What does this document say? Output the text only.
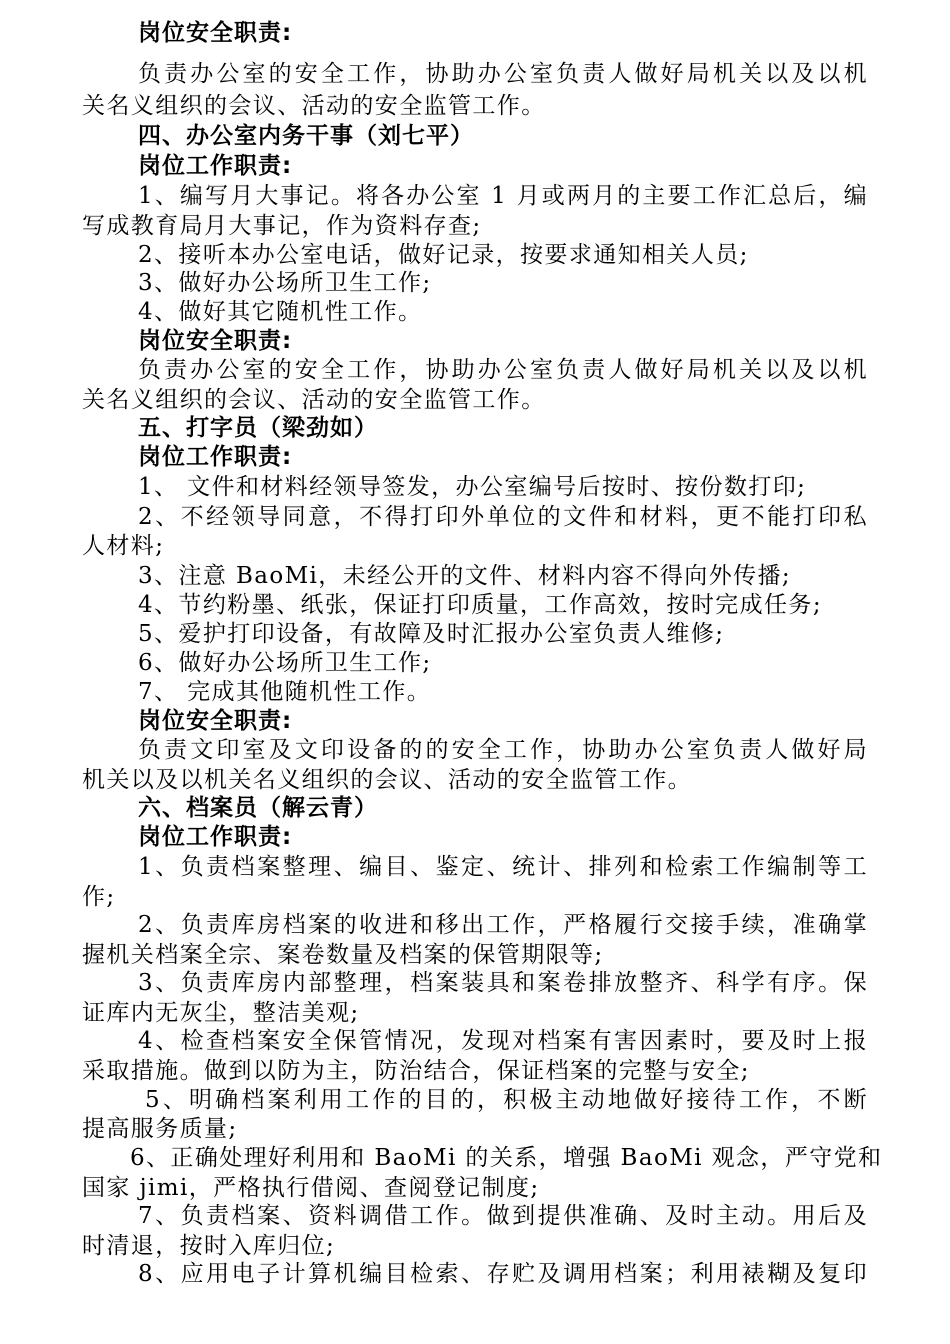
岗位安全职责:
负责办公室的安全工作，协助办公室负责人做好局机关以及以机
关名义组织的会议、活动的安全监管工作。
四、办公室内务干事（刘七平）
岗位工作职责:
1、编写月大事记。将各办公室 1 月或两月的主要工作汇总后，编
写成教育局月大事记，作为资料存查;
2、接听本办公室电话，做好记录，按要求通知相关人员;
3、做好办公场所卫生工作;
4、做好其它随机性工作。
岗位安全职责:
负责办公室的安全工作，协助办公室负责人做好局机关以及以机
关名义组织的会议、活动的安全监管工作。
五、打字员（梁劲如）
岗位工作职责:
1、 文件和材料经领导签发，办公室编号后按时、按份数打印;
2、不经领导同意，不得打印外单位的文件和材料，更不能打印私
人材料;
3、注意 BaoMi，未经公开的文件、材料内容不得向外传播;
4、节约粉墨、纸张，保证打印质量，工作高效，按时完成任务;
5、爱护打印设备，有故障及时汇报办公室负责人维修;
6、做好办公场所卫生工作;
7、 完成其他随机性工作。
岗位安全职责:
负责文印室及文印设备的的安全工作，协助办公室负责人做好局
机关以及以机关名义组织的会议、活动的安全监管工作。
六、档案员（解云青）
岗位工作职责:
1、负责档案整理、编目、鉴定、统计、排列和检索工作编制等工
作;
2、负责库房档案的收进和移出工作，严格履行交接手续，准确掌
握机关档案全宗、案卷数量及档案的保管期限等;
3、负责库房内部整理，档案装具和案卷排放整齐、科学有序。保
证库内无灰尘，整洁美观;
4、检查档案安全保管情况，发现对档案有害因素时，要及时上报
采取措施。做到以防为主，防治结合，保证档案的完整与安全;
5、明确档案利用工作的目的，积极主动地做好接待工作，不断
提高服务质量;
6、正确处理好利用和 BaoMi 的关系，增强 BaoMi 观念，严守党和
国家 jimi，严格执行借阅、查阅登记制度;
7、负责档案、资料调借工作。做到提供准确、及时主动。用后及
时清退，按时入库归位;
8、应用电子计算机编目检索、存贮及调用档案；利用裱糊及复印
